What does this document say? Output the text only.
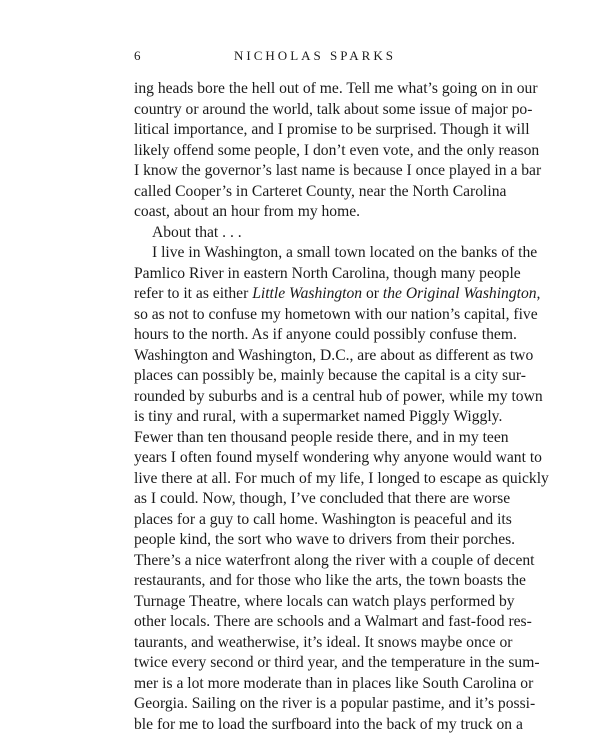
6	NICHOLAS SPARKS
ing heads bore the hell out of me. Tell me what’s going on in our
country or around the world, talk about some issue of major po-
litical importance, and I promise to be surprised. Though it will
likely offend some people, I don’t even vote, and the only reason
I know the governor’s last name is because I once played in a bar
called Cooper’s in Carteret County, near the North Carolina
coast, about an hour from my home.
About that . . .
I live in Washington, a small town located on the banks of the
Pamlico River in eastern North Carolina, though many people
refer to it as either Little Washington or the Original Washington,
so as not to confuse my hometown with our nation’s capital, five
hours to the north. As if anyone could possibly confuse them.
Washington and Washington, D.C., are about as different as two
places can possibly be, mainly because the capital is a city sur-
rounded by suburbs and is a central hub of power, while my town
is tiny and rural, with a supermarket named Piggly Wiggly.
Fewer than ten thousand people reside there, and in my teen
years I often found myself wondering why anyone would want to
live there at all. For much of my life, I longed to escape as quickly
as I could. Now, though, I’ve concluded that there are worse
places for a guy to call home. Washington is peaceful and its
people kind, the sort who wave to drivers from their porches.
There’s a nice waterfront along the river with a couple of decent
restaurants, and for those who like the arts, the town boasts the
Turnage Theatre, where locals can watch plays performed by
other locals. There are schools and a Walmart and fast-food res-
taurants, and weatherwise, it’s ideal. It snows maybe once or
twice every second or third year, and the temperature in the sum-
mer is a lot more moderate than in places like South Carolina or
Georgia. Sailing on the river is a popular pastime, and it’s possi-
ble for me to load the surfboard into the back of my truck on a
